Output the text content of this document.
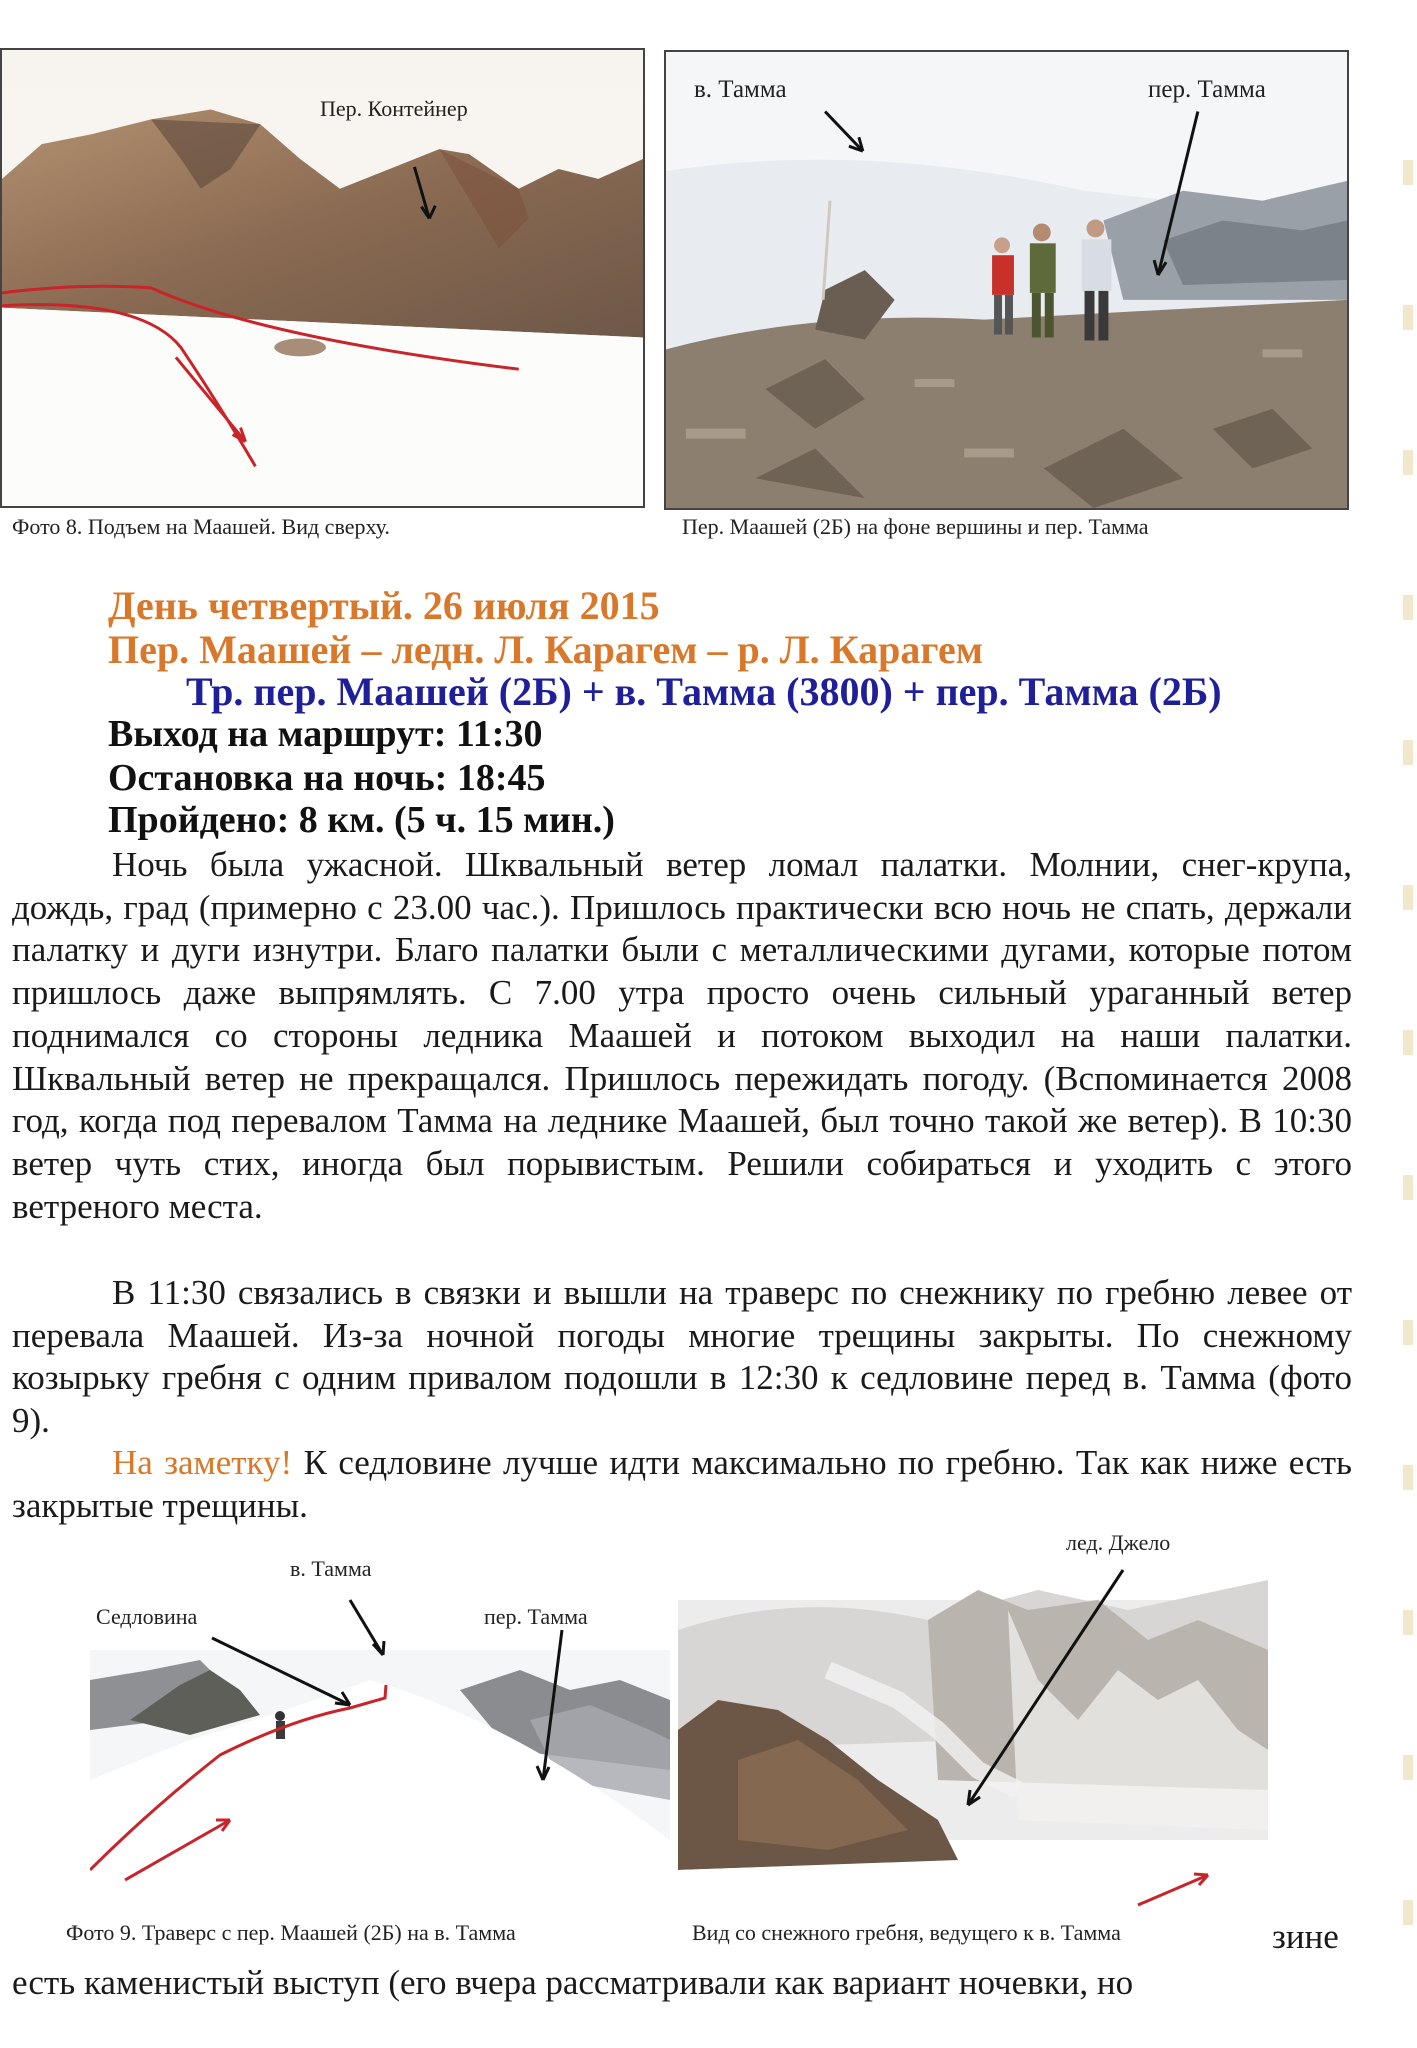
Пер. Контейнер
Фото 8. Подъем на Маашей. Вид сверху.
в. Тамма	пер. Тамма
Пер. Маашей (2Б) на фоне вершины и пер. Тамма
День четвертый. 26 июля 2015
Пер. Маашей – ледн. Л. Карагем – р. Л. Карагем
Тр. пер. Маашей (2Б) + в. Тамма (3800) + пер. Тамма (2Б)
Выход на маршрут: 11:30
Остановка на ночь: 18:45
Пройдено: 8 км. (5 ч. 15 мин.)

Ночь была ужасной. Шквальный ветер ломал палатки. Молнии, снег-крупа, дождь, град (примерно с 23.00 час.). Пришлось практически всю ночь не спать, держали палатку и дуги изнутри. Благо палатки были с металлическими дугами, которые потом пришлось даже выпрямлять. С 7.00 утра просто очень сильный ураганный ветер поднимался со стороны ледника Маашей и потоком выходил на наши палатки. Шквальный ветер не прекращался. Пришлось пережидать погоду. (Вспоминается 2008 год, когда под перевалом Тамма на леднике Маашей, был точно такой же ветер). В 10:30 ветер чуть стих, иногда был порывистым. Решили собираться и уходить с этого ветреного места.

В 11:30 связались в связки и вышли на траверс по снежнику по гребню левее от перевала Маашей. Из-за ночной погоды многие трещины закрыты. По снежному козырьку гребня с одним привалом подошли в 12:30 к седловине перед в. Тамма (фото 9).

На заметку! К седловине лучше идти максимально по гребню. Так как ниже есть закрытые трещины.

Седловина
в. Тамма
пер. Тамма
Фото 9. Траверс с пер. Маашей (2Б) на в. Тамма
лед. Джело
Вид со снежного гребня, ведущего к в. Тамма	зине
есть каменистый выступ (его вчера рассматривали как вариант ночевки, но
